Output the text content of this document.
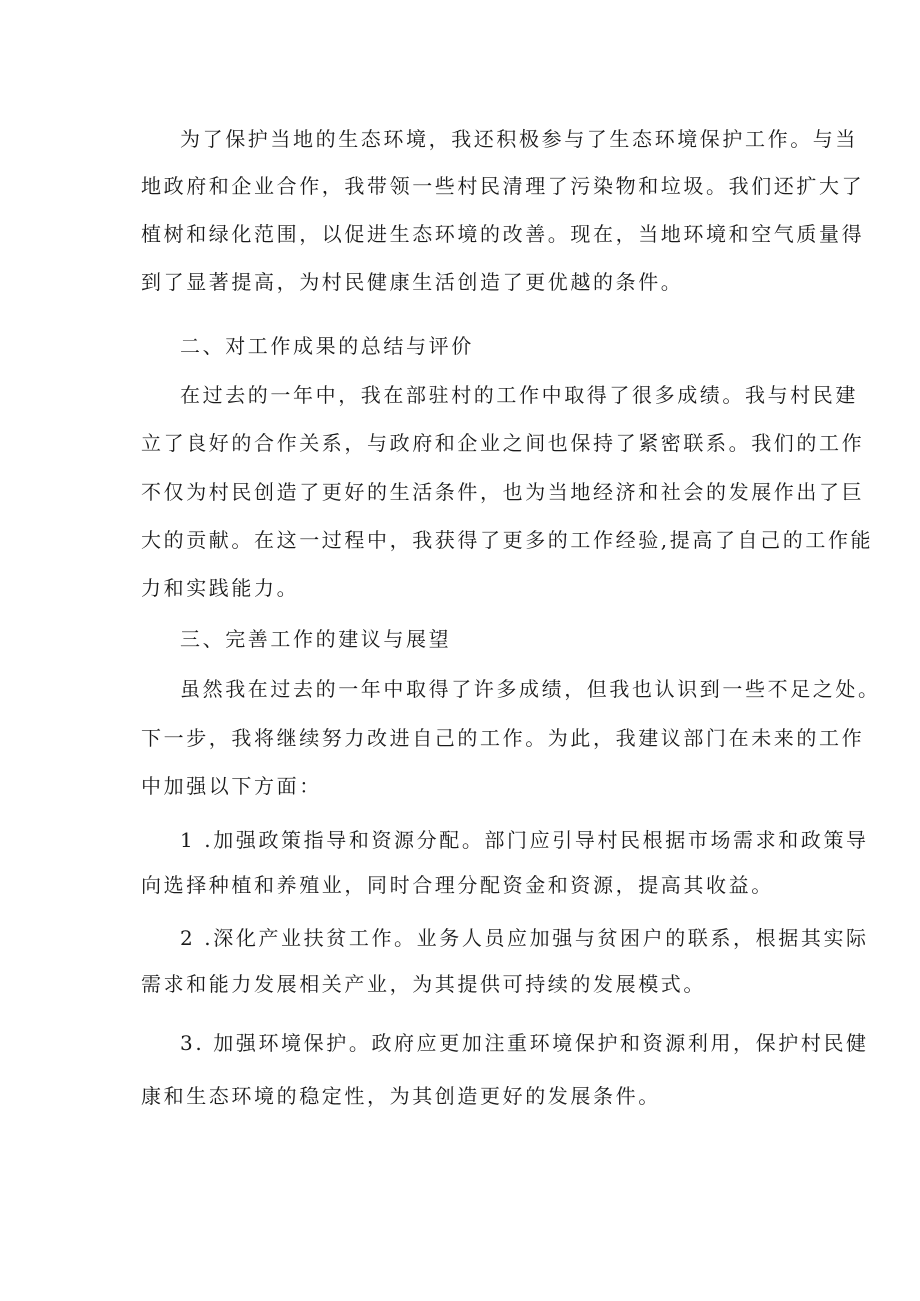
为了保护当地的生态环境，我还积极参与了生态环境保护工作。与当

地政府和企业合作，我带领一些村民清理了污染物和垃圾。我们还扩大了

植树和绿化范围，以促进生态环境的改善。现在，当地环境和空气质量得

到了显著提高，为村民健康生活创造了更优越的条件。

二、对工作成果的总结与评价

在过去的一年中，我在部驻村的工作中取得了很多成绩。我与村民建

立了良好的合作关系，与政府和企业之间也保持了紧密联系。我们的工作

不仅为村民创造了更好的生活条件，也为当地经济和社会的发展作出了巨

大的贡献。在这一过程中，我获得了更多的工作经验,提高了自己的工作能

力和实践能力。

三、完善工作的建议与展望

虽然我在过去的一年中取得了许多成绩，但我也认识到一些不足之处。

下一步，我将继续努力改进自己的工作。为此，我建议部门在未来的工作

中加强以下方面：

1 .加强政策指导和资源分配。部门应引导村民根据市场需求和政策导

向选择种植和养殖业，同时合理分配资金和资源，提高其收益。

2 .深化产业扶贫工作。业务人员应加强与贫困户的联系，根据其实际

需求和能力发展相关产业，为其提供可持续的发展模式。

3. 加强环境保护。政府应更加注重环境保护和资源利用，保护村民健

康和生态环境的稳定性，为其创造更好的发展条件。
